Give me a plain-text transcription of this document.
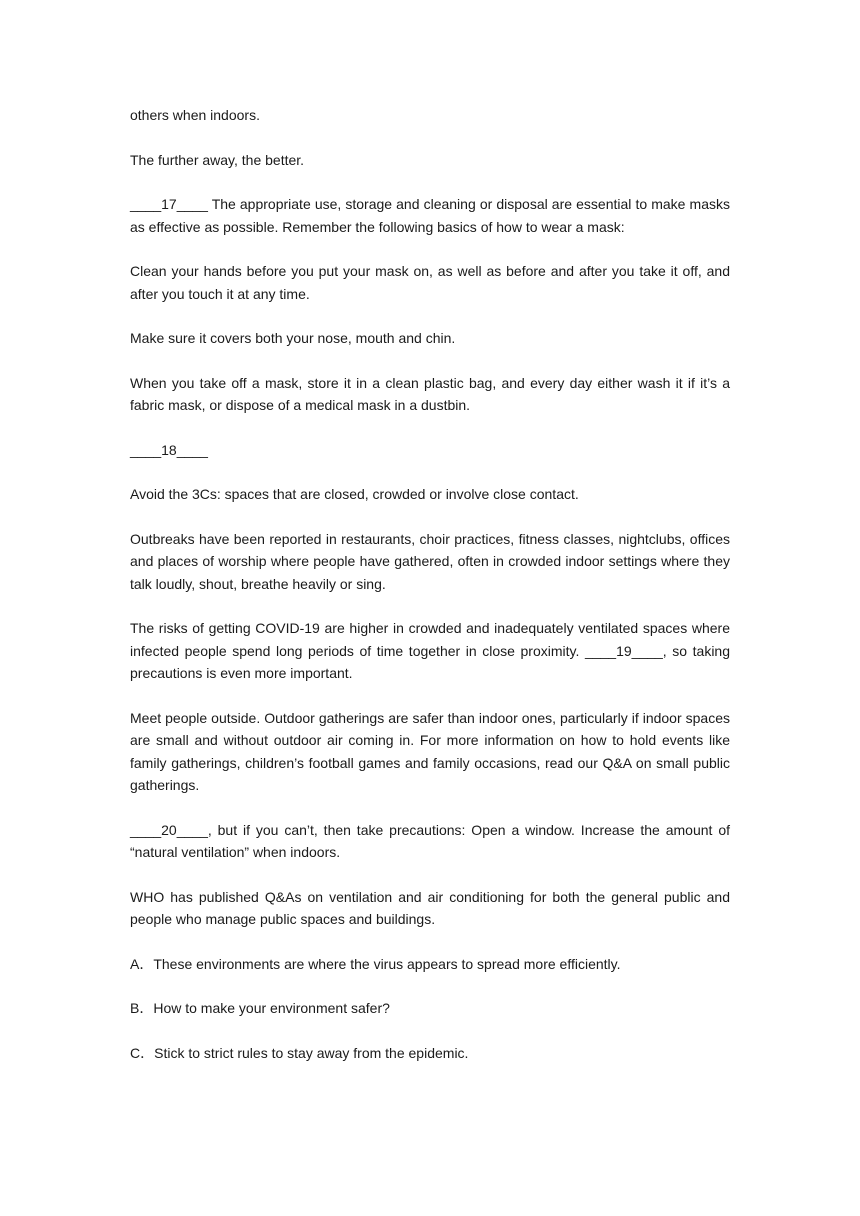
others when indoors.

The further away, the better.

____17____ The appropriate use, storage and cleaning or disposal are essential to make masks as effective as possible. Remember the following basics of how to wear a mask:

Clean your hands before you put your mask on, as well as before and after you take it off, and after you touch it at any time.

Make sure it covers both your nose, mouth and chin.

When you take off a mask, store it in a clean plastic bag, and every day either wash it if it’s a fabric mask, or dispose of a medical mask in a dustbin.

____18____

Avoid the 3Cs: spaces that are closed, crowded or involve close contact.

Outbreaks have been reported in restaurants, choir practices, fitness classes, nightclubs, offices and places of worship where people have gathered, often in crowded indoor settings where they talk loudly, shout, breathe heavily or sing.

The risks of getting COVID-19 are higher in crowded and inadequately ventilated spaces where infected people spend long periods of time together in close proximity. ____19____, so taking precautions is even more important.

Meet people outside. Outdoor gatherings are safer than indoor ones, particularly if indoor spaces are small and without outdoor air coming in. For more information on how to hold events like family gatherings, children’s football games and family occasions, read our Q&A on small public gatherings.

____20____, but if you can’t, then take precautions: Open a window. Increase the amount of “natural ventilation” when indoors.

WHO has published Q&As on ventilation and air conditioning for both the general public and people who manage public spaces and buildings.

A．These environments are where the virus appears to spread more efficiently.

B．How to make your environment safer?

C．Stick to strict rules to stay away from the epidemic.
